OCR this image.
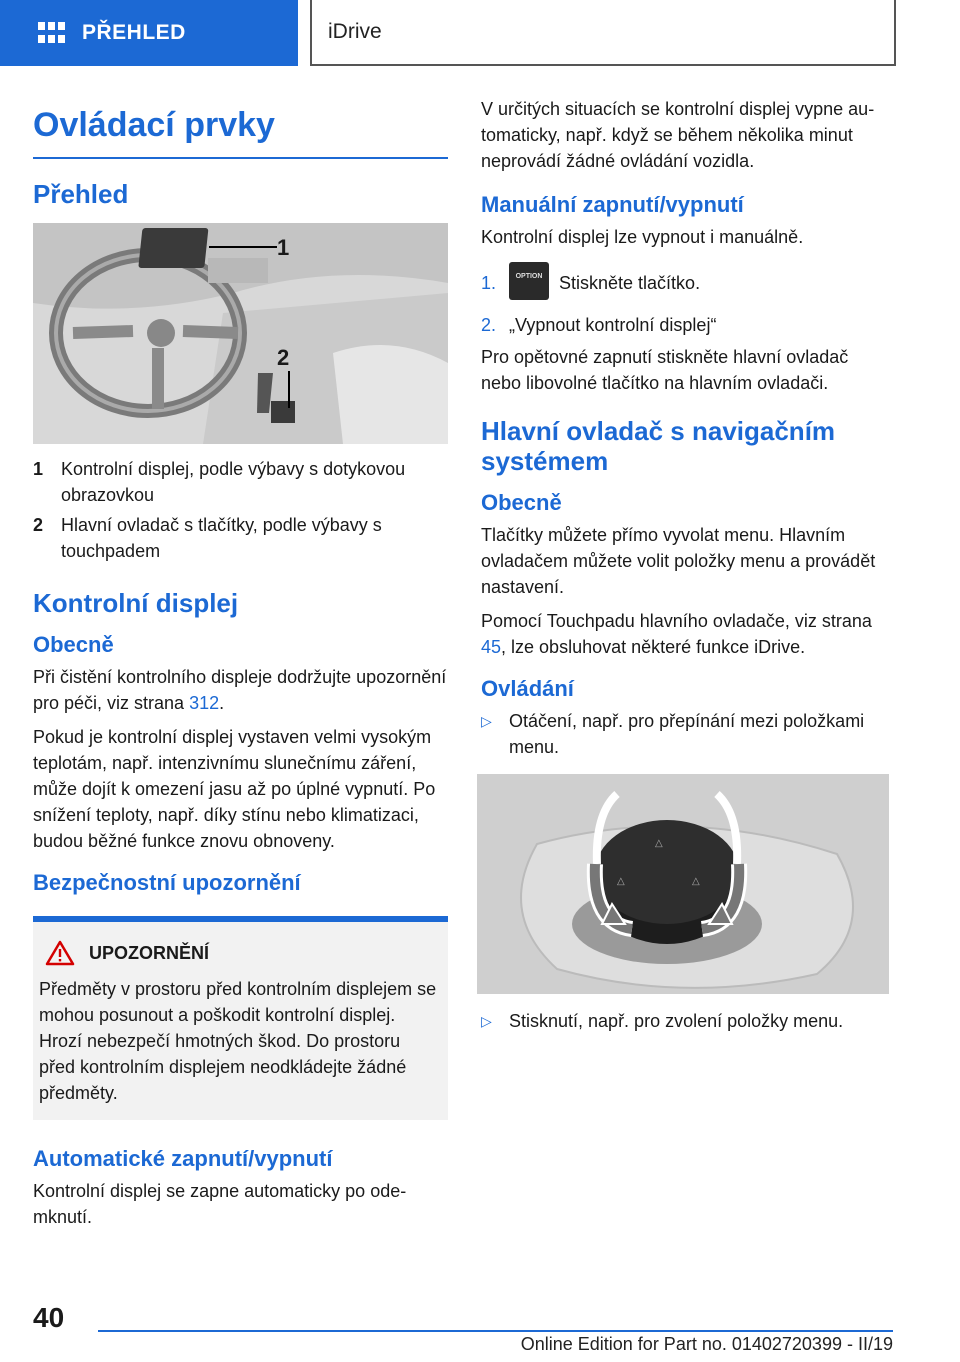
PŘEHLED	iDrive
Ovládací prvky
Přehled
1
2
1 Kontrolní displej, podle výbavy s dotykovou obrazovkou
2 Hlavní ovladač s tlačítky, podle výbavy s touchpadem
Kontrolní displej
Obecně

Při čistění kontrolního displeje dodržujte upozornění pro péči, viz strana 312.

Pokud je kontrolní displej vystaven velmi vysokým teplotám, např. intenzivnímu slunečnímu záření, může dojít k omezení jasu až po úplné vypnutí. Po snížení teploty, např. díky stínu nebo klimatizaci, budou běžné funkce znovu obnoveny.

Bezpečnostní upozornění
UPOZORNĚNÍ

Předměty v prostoru před kontrolním displejem se mohou posunout a poškodit kontrolní displej. Hrozí nebezpečí hmotných škod. Do prostoru před kontrolním displejem neodkládejte žádné předměty.

Automatické zapnutí/vypnutí

Kontrolní displej se zapne automaticky po odemknutí.

V určitých situacích se kontrolní displej vypne automaticky, např. když se během několika minut neprovádí žádné ovládání vozidla.

Manuální zapnutí/vypnutí

Kontrolní displej lze vypnout i manuálně.

1.	OPTION Stiskněte tlačítko.
2. „Vypnout kontrolní displej“

Pro opětovné zapnutí stiskněte hlavní ovladač nebo libovolné tlačítko na hlavním ovladači.

Hlavní ovladač s navigačním systémem
Obecně

Tlačítky můžete přímo vyvolat menu. Hlavním ovladačem můžete volit položky menu a provádět nastavení.

Pomocí Touchpadu hlavního ovladače, viz strana 45, lze obsluhovat některé funkce iDrive.

Ovládání
▷ Otáčení, např. pro přepínání mezi položkami menu.
△
△	△
▷ Stisknutí, např. pro zvolení položky menu.
40
Online Edition for Part no. 01402720399 - II/19
